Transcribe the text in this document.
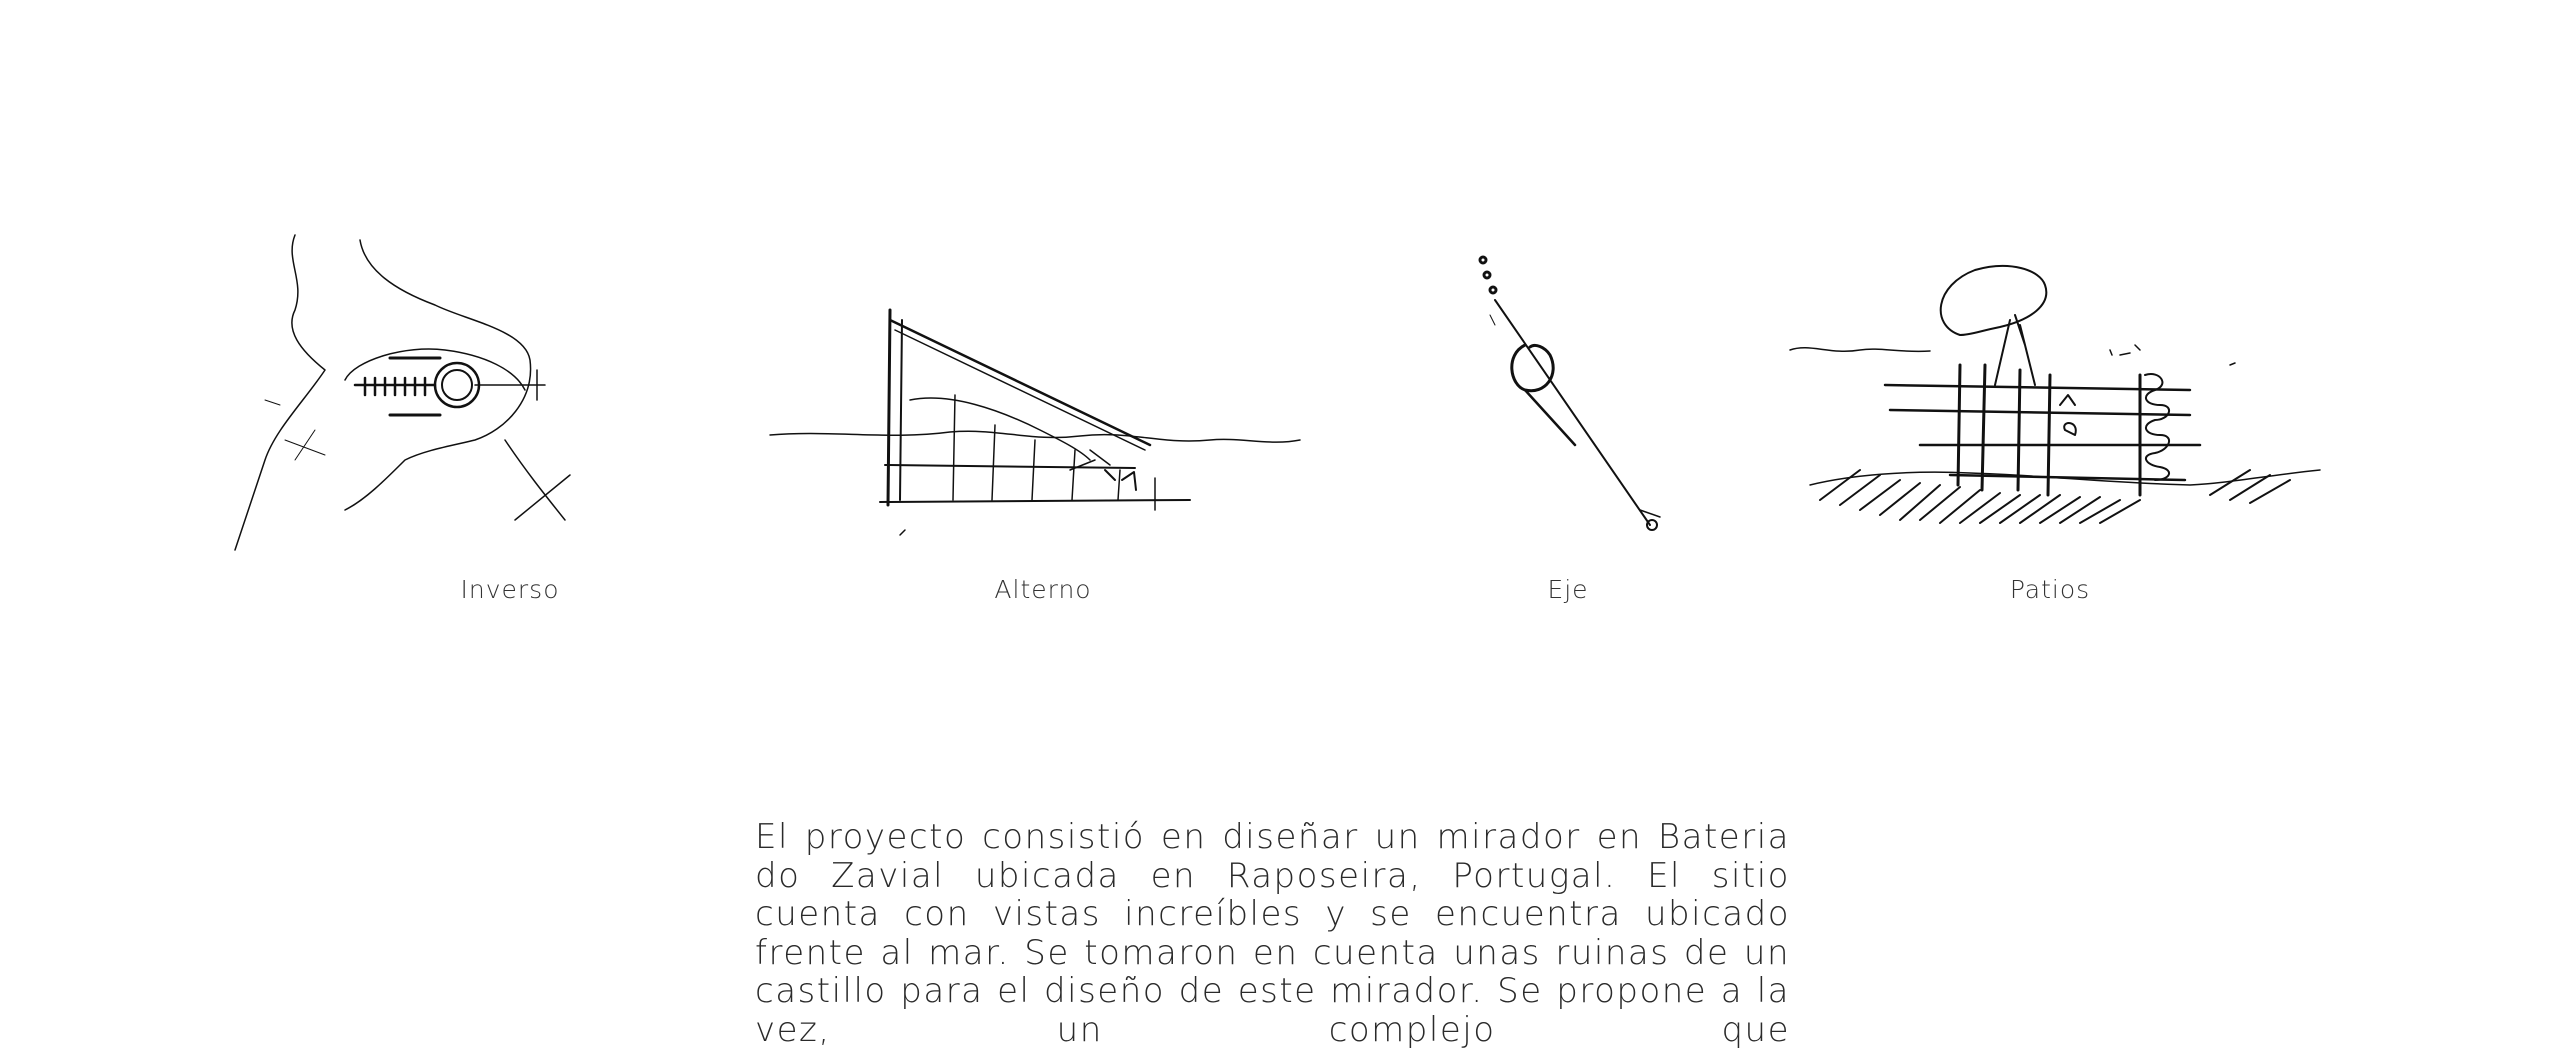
Inverso	Alterno	Eje	Patios

El proyecto consistió en diseñar un mirador en Bateria do Zavial ubicada en Raposeira, Portugal. El sitio cuenta con vistas increíbles y se encuentra ubicado frente al mar. Se tomaron en cuenta unas ruinas de un castillo para el diseño de este mirador. Se propone a la vez, un complejo que
